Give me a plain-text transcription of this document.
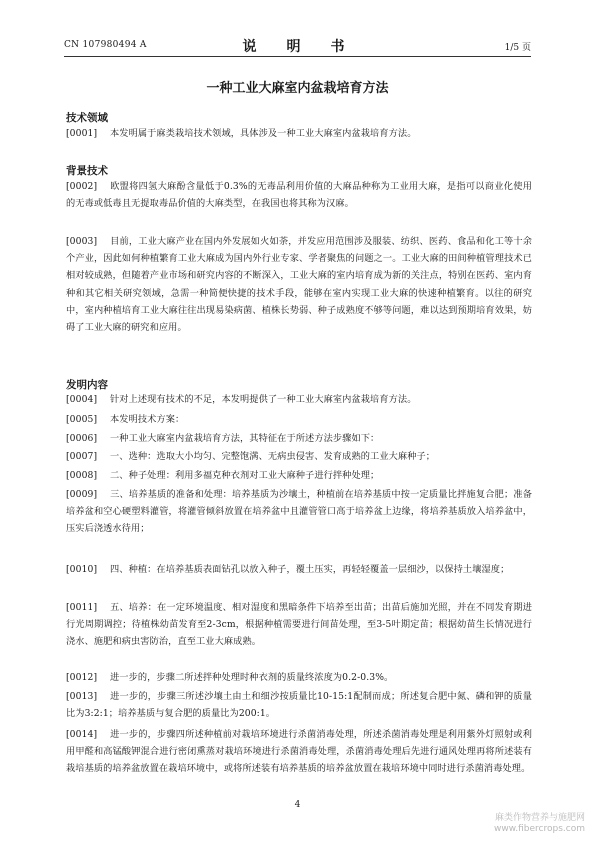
CN 107980494 A	说　明　书	1/5 页
一种工业大麻室内盆栽培育方法
技术领域
[0001] 本发明属于麻类栽培技术领域，具体涉及一种工业大麻室内盆栽培育方法。
背景技术
[0002] 欧盟将四氢大麻酚含量低于0.3%的无毒品利用价值的大麻品种称为工业用大麻，是指可以商业化使用的无毒或低毒且无提取毒品价值的大麻类型，在我国也将其称为汉麻。
[0003] 目前，工业大麻产业在国内外发展如火如荼，并发应用范围涉及服装、纺织、医药、食品和化工等十余个产业，因此如何种植繁育工业大麻成为国内外行业专家、学者聚焦的问题之一。工业大麻的田间种植管理技术已相对较成熟，但随着产业市场和研究内容的不断深入，工业大麻的室内培育成为新的关注点，特别在医药、室内育种和其它相关研究领域，急需一种简便快捷的技术手段，能够在室内实现工业大麻的快速种植繁育。以往的研究中，室内种植培育工业大麻往往出现易染病菌、植株长势弱、种子成熟度不够等问题，难以达到预期培育效果，妨碍了工业大麻的研究和应用。
发明内容
[0004] 针对上述现有技术的不足，本发明提供了一种工业大麻室内盆栽培育方法。
[0005] 本发明技术方案：
[0006] 一种工业大麻室内盆栽培育方法，其特征在于所述方法步骤如下：
[0007] 一、选种：选取大小均匀、完整饱满、无病虫侵害、发育成熟的工业大麻种子；
[0008] 二、种子处理：利用多福克种衣剂对工业大麻种子进行拌种处理；
[0009] 三、培养基质的准备和处理：培养基质为沙壤土，种植前在培养基质中按一定质量比拌施复合肥；准备培养盆和空心硬塑料灌管，将灌管倾斜放置在培养盆中且灌管管口高于培养盆上边缘，将培养基质放入培养盆中，压实后浇透水待用；
[0010] 四、种植：在培养基质表面钻孔以放入种子，覆土压实，再轻轻覆盖一层细沙，以保持土壤湿度；
[0011] 五、培养：在一定环境温度、相对湿度和黑暗条件下培养至出苗；出苗后施加光照，并在不同发育期进行光周期调控；待植株幼苗发育至2-3cm，根据种植需要进行间苗处理，至3-5叶期定苗；根据幼苗生长情况进行浇水、施肥和病虫害防治，直至工业大麻成熟。
[0012] 进一步的，步骤二所述拌种处理时种衣剂的质量终浓度为0.2-0.3%。
[0013] 进一步的，步骤三所述沙壤土由土和细沙按质量比10-15:1配制而成；所述复合肥中氮、磷和钾的质量比为3:2:1；培养基质与复合肥的质量比为200:1。
[0014] 进一步的，步骤四所述种植前对栽培环境进行杀菌消毒处理，所述杀菌消毒处理是利用紫外灯照射或利用甲醛和高锰酸钾混合进行密闭熏蒸对栽培环境进行杀菌消毒处理，杀菌消毒处理后先进行通风处理再将所述装有栽培基质的培养盆放置在栽培环境中，或将所述装有培养基质的培养盆放置在栽培环境中同时进行杀菌消毒处理。
4
麻类作物营养与施肥网
www.fibercrops.com
